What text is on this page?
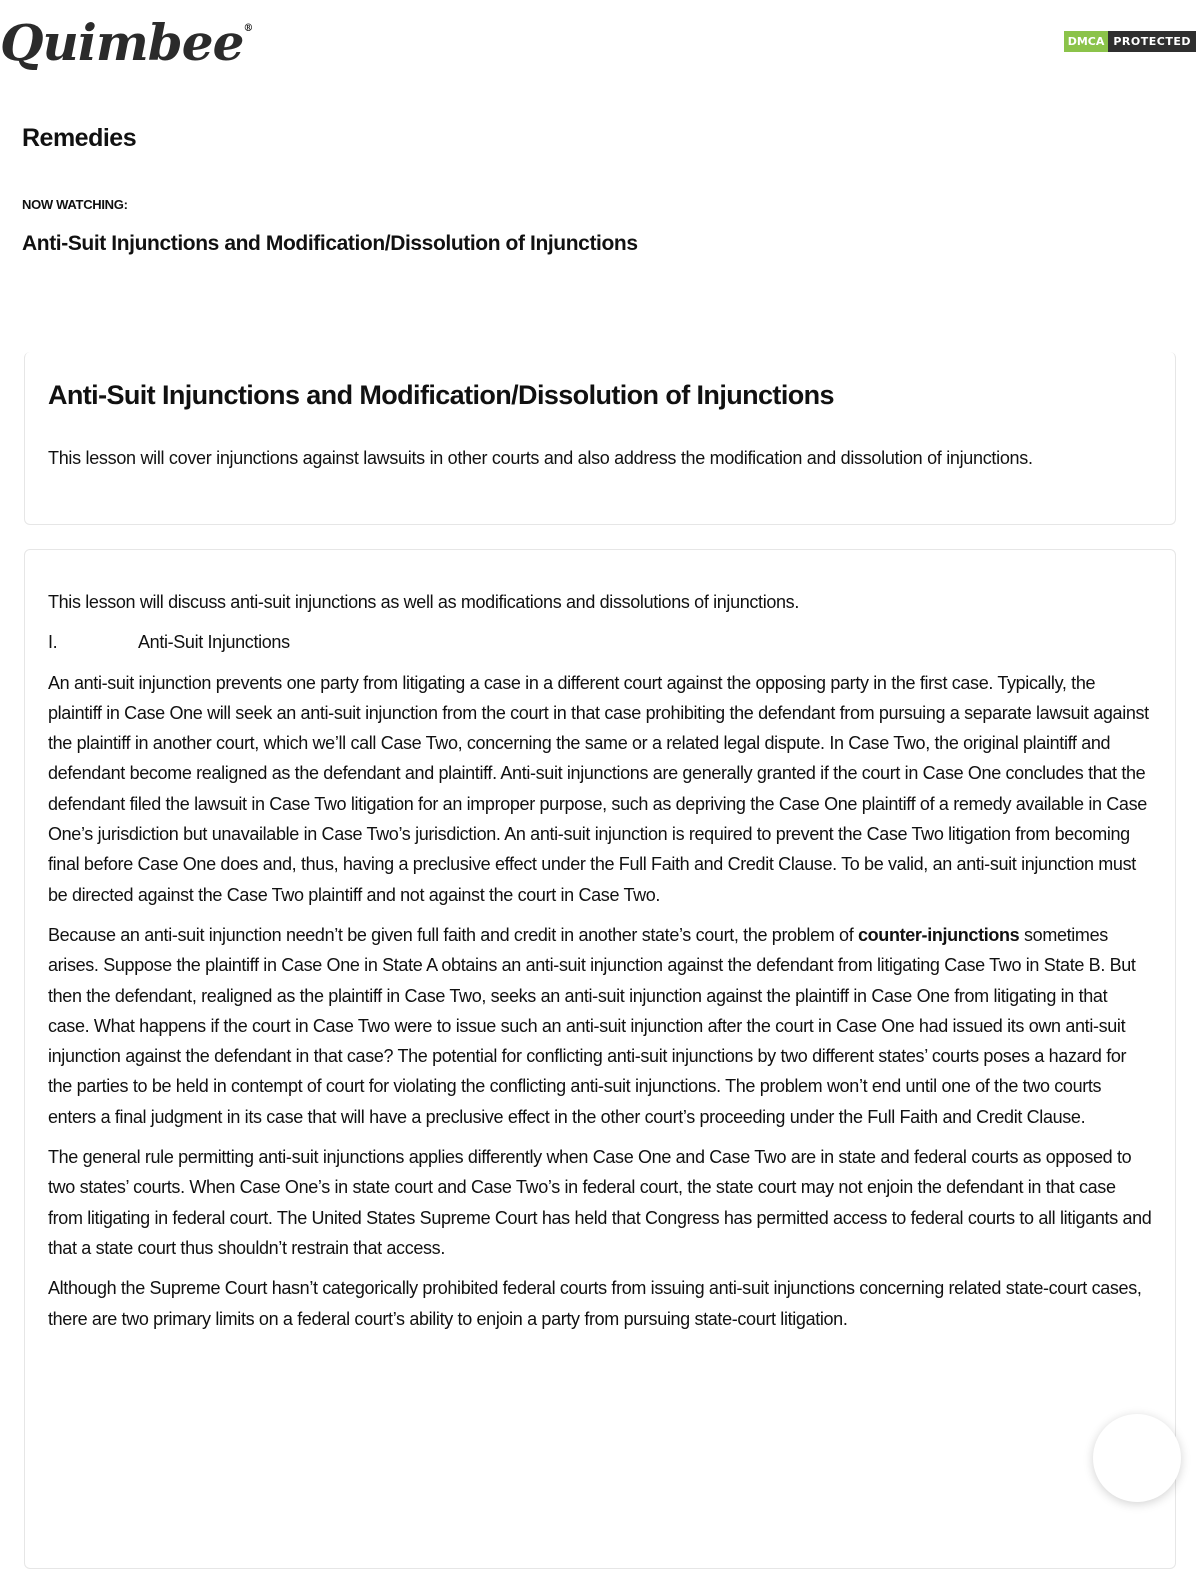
Quimbee®
DMCA PROTECTED
Remedies
NOW WATCHING:
Anti-Suit Injunctions and Modification/Dissolution of Injunctions
Anti-Suit Injunctions and Modification/Dissolution of Injunctions

This lesson will cover injunctions against lawsuits in other courts and also address the modification and dissolution of injunctions.

This lesson will discuss anti-suit injunctions as well as modifications and dissolutions of injunctions.

I.	Anti-Suit Injunctions

An anti-suit injunction prevents one party from litigating a case in a different court against the opposing party in the first case. Typically, the plaintiff in Case One will seek an anti-suit injunction from the court in that case prohibiting the defendant from pursuing a separate lawsuit against the plaintiff in another court, which we’ll call Case Two, concerning the same or a related legal dispute. In Case Two, the original plaintiff and defendant become realigned as the defendant and plaintiff. Anti-suit injunctions are generally granted if the court in Case One concludes that the defendant filed the lawsuit in Case Two litigation for an improper purpose, such as depriving the Case One plaintiff of a remedy available in Case One’s jurisdiction but unavailable in Case Two’s jurisdiction. An anti-suit injunction is required to prevent the Case Two litigation from becoming final before Case One does and, thus, having a preclusive effect under the Full Faith and Credit Clause. To be valid, an anti-suit injunction must be directed against the Case Two plaintiff and not against the court in Case Two.

Because an anti-suit injunction needn’t be given full faith and credit in another state’s court, the problem of counter-injunctions sometimes arises. Suppose the plaintiff in Case One in State A obtains an anti-suit injunction against the defendant from litigating Case Two in State B. But then the defendant, realigned as the plaintiff in Case Two, seeks an anti-suit injunction against the plaintiff in Case One from litigating in that case. What happens if the court in Case Two were to issue such an anti-suit injunction after the court in Case One had issued its own anti-suit injunction against the defendant in that case? The potential for conflicting anti-suit injunctions by two different states’ courts poses a hazard for the parties to be held in contempt of court for violating the conflicting anti-suit injunctions. The problem won’t end until one of the two courts enters a final judgment in its case that will have a preclusive effect in the other court’s proceeding under the Full Faith and Credit Clause.

The general rule permitting anti-suit injunctions applies differently when Case One and Case Two are in state and federal courts as opposed to two states’ courts. When Case One’s in state court and Case Two’s in federal court, the state court may not enjoin the defendant in that case from litigating in federal court. The United States Supreme Court has held that Congress has permitted access to federal courts to all litigants and that a state court thus shouldn’t restrain that access.

Although the Supreme Court hasn’t categorically prohibited federal courts from issuing anti-suit injunctions concerning related state-court cases, there are two primary limits on a federal court’s ability to enjoin a party from pursuing state-court litigation.
